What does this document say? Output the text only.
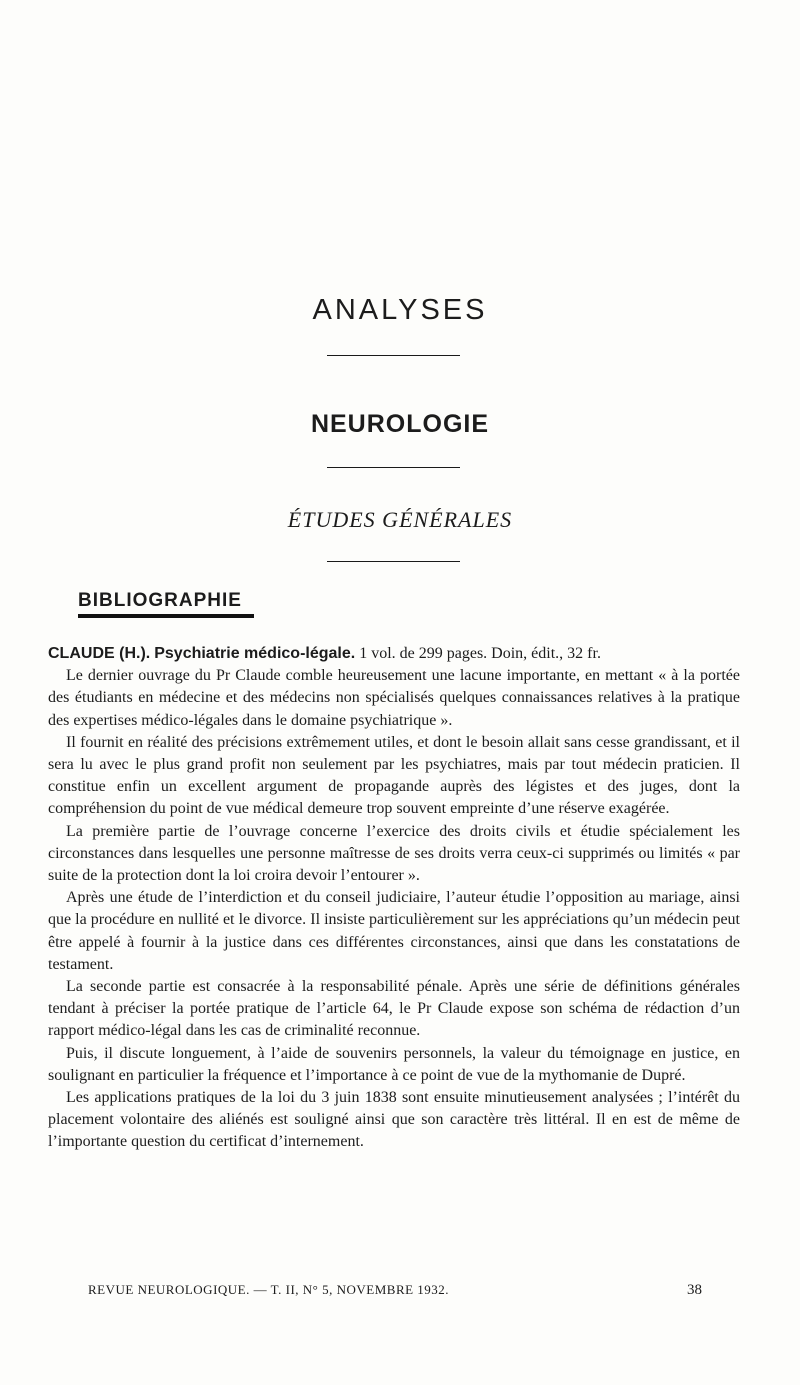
ANALYSES
NEUROLOGIE
ÉTUDES GÉNÉRALES
BIBLIOGRAPHIE

CLAUDE (H.). Psychiatrie médico-légale. 1 vol. de 299 pages. Doin, édit., 32 fr.

Le dernier ouvrage du Pr Claude comble heureusement une lacune importante, en mettant « à la portée des étudiants en médecine et des médecins non spécialisés quelques connaissances relatives à la pratique des expertises médico-légales dans le domaine psychiatrique ».

Il fournit en réalité des précisions extrêmement utiles, et dont le besoin allait sans cesse grandissant, et il sera lu avec le plus grand profit non seulement par les psychiatres, mais par tout médecin praticien. Il constitue enfin un excellent argument de propagande auprès des légistes et des juges, dont la compréhension du point de vue médical demeure trop souvent empreinte d’une réserve exagérée.

La première partie de l’ouvrage concerne l’exercice des droits civils et étudie spécialement les circonstances dans lesquelles une personne maîtresse de ses droits verra ceux-ci supprimés ou limités « par suite de la protection dont la loi croira devoir l’entourer ».

Après une étude de l’interdiction et du conseil judiciaire, l’auteur étudie l’opposition au mariage, ainsi que la procédure en nullité et le divorce. Il insiste particulièrement sur les appréciations qu’un médecin peut être appelé à fournir à la justice dans ces différentes circonstances, ainsi que dans les constatations de testament.

La seconde partie est consacrée à la responsabilité pénale. Après une série de définitions générales tendant à préciser la portée pratique de l’article 64, le Pr Claude expose son schéma de rédaction d’un rapport médico-légal dans les cas de criminalité reconnue.

Puis, il discute longuement, à l’aide de souvenirs personnels, la valeur du témoignage en justice, en soulignant en particulier la fréquence et l’importance à ce point de vue de la mythomanie de Dupré.

Les applications pratiques de la loi du 3 juin 1838 sont ensuite minutieusement analysées ; l’intérêt du placement volontaire des aliénés est souligné ainsi que son caractère très littéral. Il en est de même de l’importante question du certificat d’internement.

REVUE NEUROLOGIQUE. — T. II, N° 5, NOVEMBRE 1932.	38
